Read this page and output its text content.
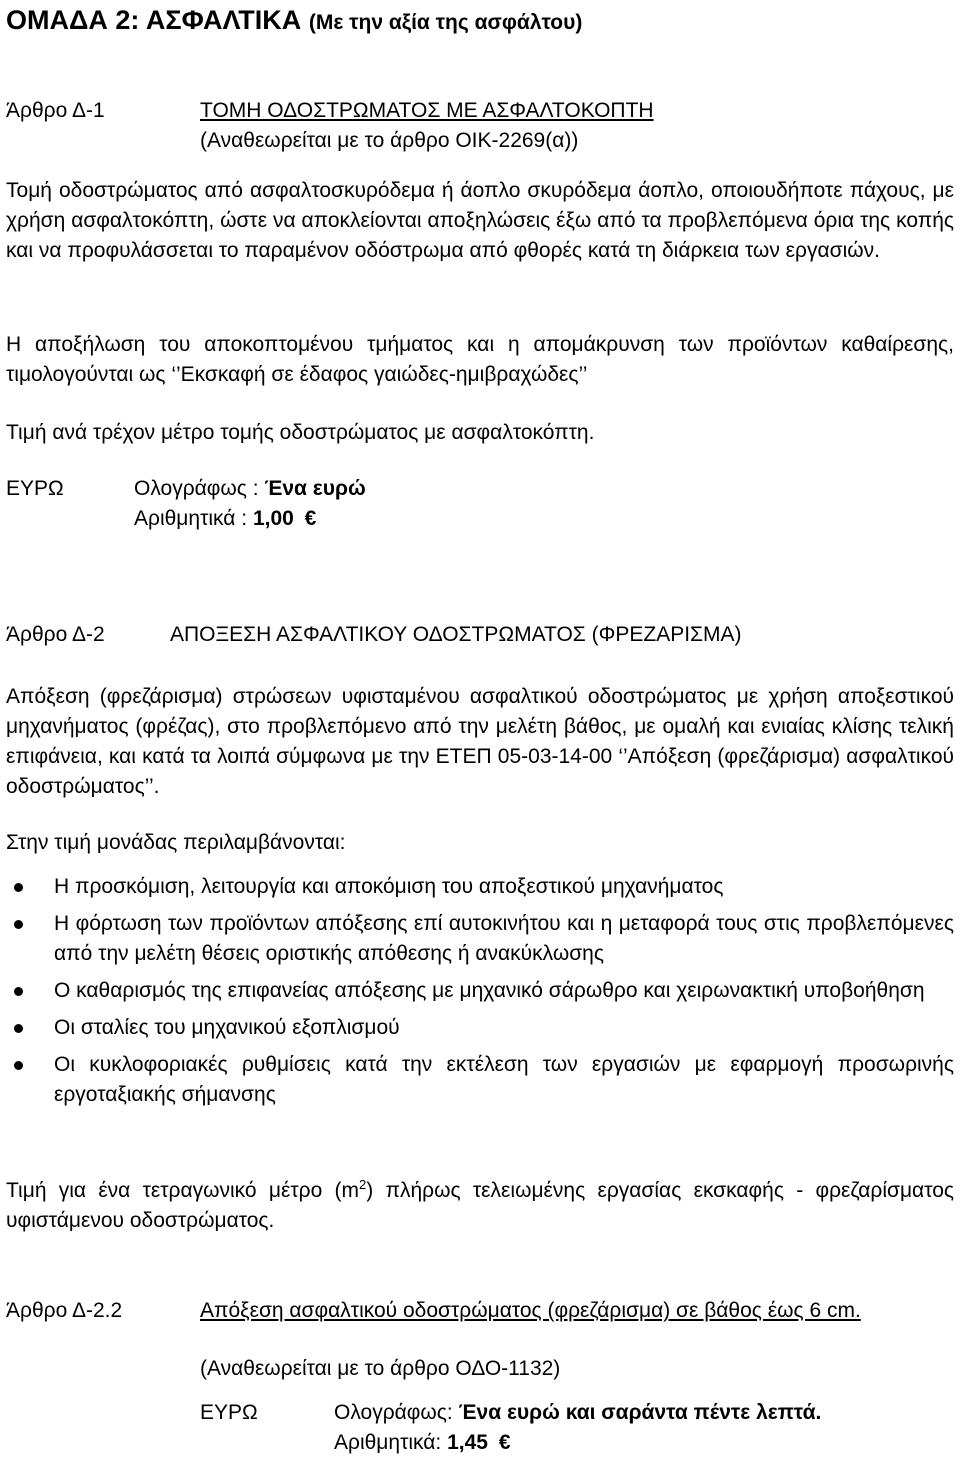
ΟΜΑΔΑ 2: ΑΣΦΑΛΤΙΚΑ (Με την αξία της ασφάλτου)
Άρθρο Δ-1	ΤΟΜΗ ΟΔΟΣΤΡΩΜΑΤΟΣ ΜΕ ΑΣΦΑΛΤΟΚΟΠΤΗ
(Αναθεωρείται με το άρθρο ΟΙΚ-2269(α))
Τομή οδοστρώματος από ασφαλτοσκυρόδεμα ή άοπλο σκυρόδεμα άοπλο, οποιουδήποτε πάχους, με χρήση ασφαλτοκόπτη, ώστε να αποκλείονται αποξηλώσεις έξω από τα προβλεπόμενα όρια της κοπής και να προφυλάσσεται το παραμένον οδόστρωμα από φθορές κατά τη διάρκεια των εργασιών.
Η αποξήλωση του αποκοπτομένου τμήματος και η απομάκρυνση των προϊόντων καθαίρεσης, τιμολογούνται ως ‘’Εκσκαφή σε έδαφος γαιώδες-ημιβραχώδες’’
Τιμή ανά τρέχον μέτρο τομής οδοστρώματος με ασφαλτοκόπτη.
ΕΥΡΩ	Ολογράφως : Ένα ευρώ
Αριθμητικά : 1,00 €
Άρθρο Δ-2	ΑΠΟΞΕΣΗ ΑΣΦΑΛΤΙΚΟΥ ΟΔΟΣΤΡΩΜΑΤΟΣ (ΦΡΕΖΑΡΙΣΜΑ)
Απόξεση (φρεζάρισμα) στρώσεων υφισταμένου ασφαλτικού οδοστρώματος με χρήση αποξεστικού μηχανήματος (φρέζας), στο προβλεπόμενο από την μελέτη βάθος, με ομαλή και ενιαίας κλίσης τελική επιφάνεια, και κατά τα λοιπά σύμφωνα με την ΕΤΕΠ 05-03-14-00 ‘’Απόξεση (φρεζάρισμα) ασφαλτικού οδοστρώματος’’.
Στην τιμή μονάδας περιλαμβάνονται:
Η προσκόμιση, λειτουργία και αποκόμιση του αποξεστικού μηχανήματος
Η φόρτωση των προϊόντων απόξεσης επί αυτοκινήτου και η μεταφορά τους στις προβλεπόμενες από την μελέτη θέσεις οριστικής απόθεσης ή ανακύκλωσης
Ο καθαρισμός της επιφανείας απόξεσης με μηχανικό σάρωθρο και χειρωνακτική υποβοήθηση
Οι σταλίες του μηχανικού εξοπλισμού
Οι κυκλοφοριακές ρυθμίσεις κατά την εκτέλεση των εργασιών με εφαρμογή προσωρινής εργοταξιακής σήμανσης
Τιμή για ένα τετραγωνικό μέτρο $(m^2)$ πλήρως τελειωμένης εργασίας εκσκαφής - φρεζαρίσματος υφιστάμενου οδοστρώματος.
Άρθρο Δ-2.2	Απόξεση ασφαλτικού οδοστρώματος (φρεζάρισμα) σε βάθος έως 6 cm.
(Αναθεωρείται με το άρθρο ΟΔΟ-1132)
ΕΥΡΩ	Ολογράφως: Ένα ευρώ και σαράντα πέντε λεπτά.
Αριθμητικά: 1,45 €
